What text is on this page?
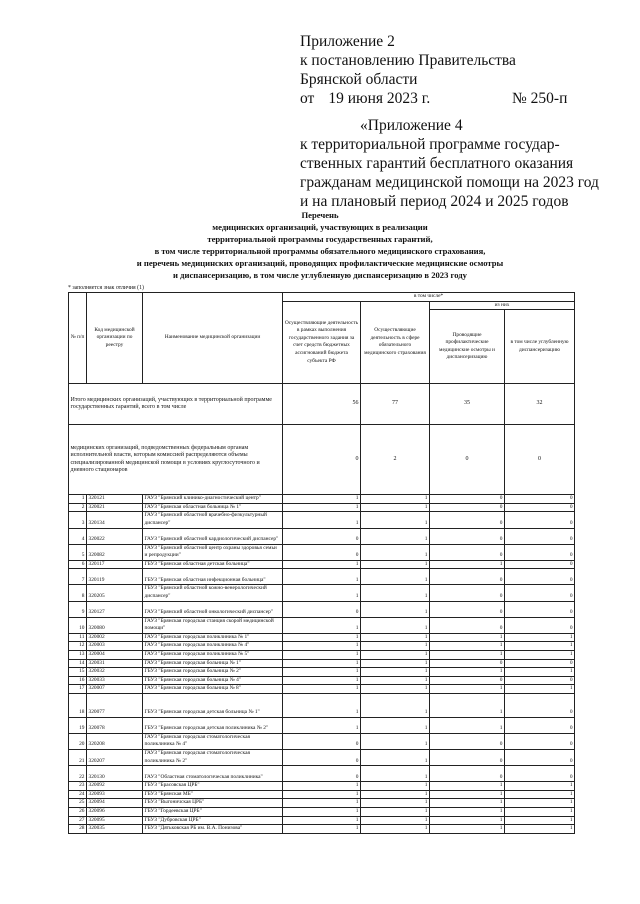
Приложение 2
к постановлению Правительства
Брянской области
от 19 июня 2023 г.	№ 250-п
«Приложение 4
к территориальной программе государ-
ственных гарантий бесплатного оказания
гражданам медицинской помощи на 2023 год
и на плановый период 2024 и 2025 годов
Перечень
медицинских организаций, участвующих в реализации
территориальной программы государственных гарантий,
в том числе территориальной программы обязательного медицинского страхования,
и перечень медицинских организаций, проводящих профилактические медицинские осмотры
и диспансеризацию, в том числе углубленную диспансеризацию в 2023 году
* заполняется знак отличия (1)
№ п/п	Код медицинской организации по реестру	Наименование медицинской организации	в том числе*			
			Осуществляющие деятельность в рамках выполнения государственного задания за счет средств бюджетных ассигнований бюджета субъекта РФ	Осуществляющие деятельность в сфере обязательного медицинского страхования	из них	
					Проводящие профилактические медицинские осмотры и диспансеризацию	в том числе углубленную диспансеризацию
Итого медицинских организаций, участвующих в территориальной программе государственных гарантий, всего в том числе			56	77	35	32
медицинских организаций, подведомственных федеральным органам исполнительной власти, которым комиссией распределяются объемы специализированной медицинской помощи в условиях круглосуточного и дневного стационаров			0	2	0	0
1	320121	ГАУЗ "Брянский клинико-диагностический центр"	1	1	0	0
2	320021	ГАУЗ "Брянская областная больница № 1"	1	1	0	0
3	320134	ГАУЗ "Брянский областной врачебно-физкультурный диспансер"	1	1	0	0
4	320022	ГАУЗ "Брянский областной кардиологический диспансер"	0	1	0	0
5	320082	ГАУЗ "Брянский областной центр охраны здоровья семьи и репродукции"	0	1	0	0
6	320117	ГБУЗ "Брянская областная детская больница"	1	1	1	0
7	320119	ГБУЗ "Брянская областная инфекционная больница"	1	1	0	0
8	320205	ГБУЗ "Брянский областной кожно-венерологический диспансер"	1	1	0	0
9	320127	ГАУЗ "Брянский областной онкологический диспансер"	0	1	0	0
10	320080	ГАУЗ "Брянская городская станция скорой медицинской помощи"	1	1	0	0
11	320002	ГАУЗ "Брянская городская поликлиника № 1"	1	1	1	1
12	320003	ГАУЗ "Брянская городская поликлиника № 4"	1	1	1	1
13	320004	ГАУЗ "Брянская городская поликлиника № 5"	1	1	1	1
14	320031	ГАУЗ "Брянская городская больница № 1"	1	1	0	0
15	320032	ГБУЗ "Брянская городская больница № 2"	1	1	1	1
16	320033	ГБУЗ "Брянская городская больница № 4"	1	1	0	0
17	320007	ГАУЗ "Брянская городская больница № 8"	1	1	1	1
18	320077	ГБУЗ "Брянская городская детская больница № 1"	1	1	1	0
19	320078	ГБУЗ "Брянская городская детская поликлиника № 2"	1	1	1	0
20	320208	ГАУЗ "Брянская городская стоматологическая поликлиника № 4"	0	1	0	0
21	320207	ГАУЗ "Брянская городская стоматологическая поликлиника № 2"	0	1	0	0
22	320130	ГАУЗ "Областная стоматологическая поликлиника"	0	1	0	0
23	320092	ГБУЗ "Брасовская ЦРБ"	1	1	1	1
24	320093	ГБУЗ "Брянская МБ"	1	1	1	1
25	320094	ГБУЗ "Выгоничская ЦРБ"	1	1	1	1
26	320096	ГБУЗ "Гордеевская ЦРБ"	1	1	1	1
27	320095	ГБУЗ "Дубровская ЦРБ"	1	1	1	1
28	320035	ГБУЗ "Дятьковская РБ им. В.А. Понизова"	1	1	1	1
